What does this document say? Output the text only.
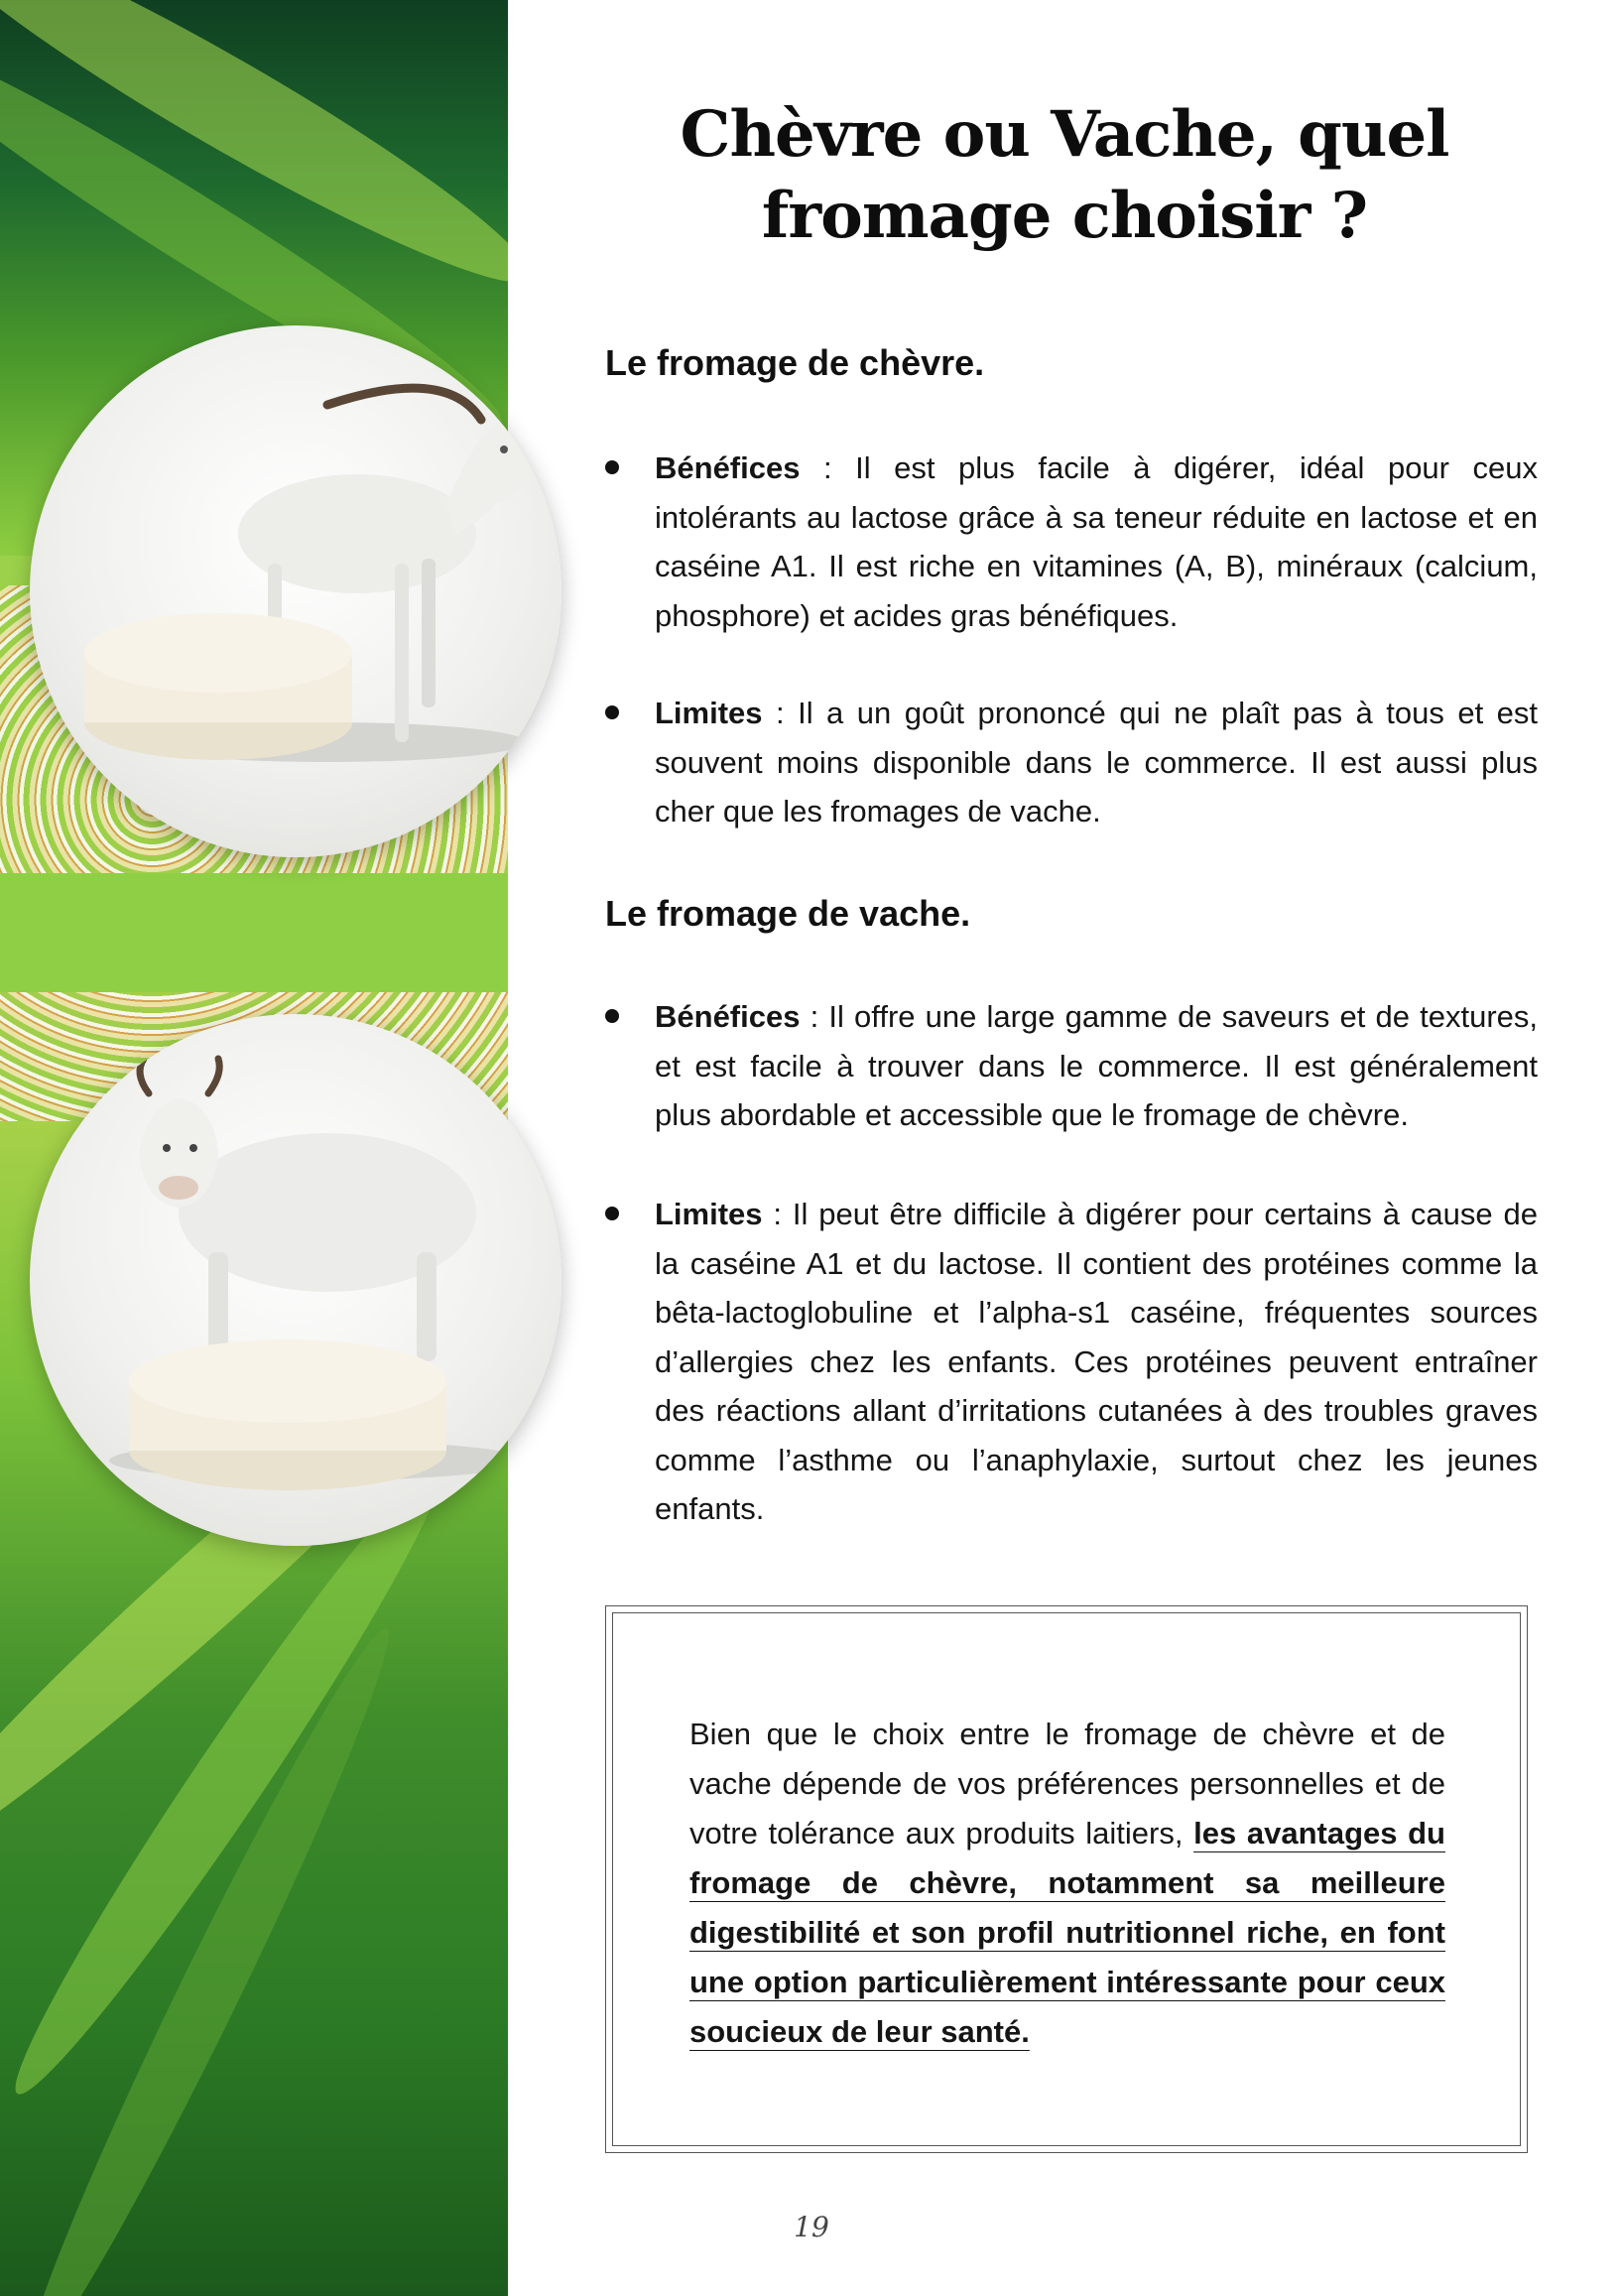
Chèvre ou Vache, quel fromage choisir ?
Le fromage de chèvre.
Bénéfices : Il est plus facile à digérer, idéal pour ceux intolérants au lactose grâce à sa teneur réduite en lactose et en caséine A1. Il est riche en vitamines (A, B), minéraux (calcium, phosphore) et acides gras bénéfiques.
Limites : Il a un goût prononcé qui ne plaît pas à tous et est souvent moins disponible dans le commerce. Il est aussi plus cher que les fromages de vache.
Le fromage de vache.
Bénéfices : Il offre une large gamme de saveurs et de textures, et est facile à trouver dans le commerce. Il est généralement plus abordable et accessible que le fromage de chèvre.
Limites : Il peut être difficile à digérer pour certains à cause de la caséine A1 et du lactose. Il contient des protéines comme la bêta-lactoglobuline et l’alpha-s1 caséine, fréquentes sources d’allergies chez les enfants. Ces protéines peuvent entraîner des réactions allant d’irritations cutanées à des troubles graves comme l’asthme ou l’anaphylaxie, surtout chez les jeunes enfants.

Bien que le choix entre le fromage de chèvre et de vache dépende de vos préférences personnelles et de votre tolérance aux produits laitiers, les avantages du fromage de chèvre, notamment sa meilleure digestibilité et son profil nutritionnel riche, en font une option particulièrement intéressante pour ceux soucieux de leur santé.

19
